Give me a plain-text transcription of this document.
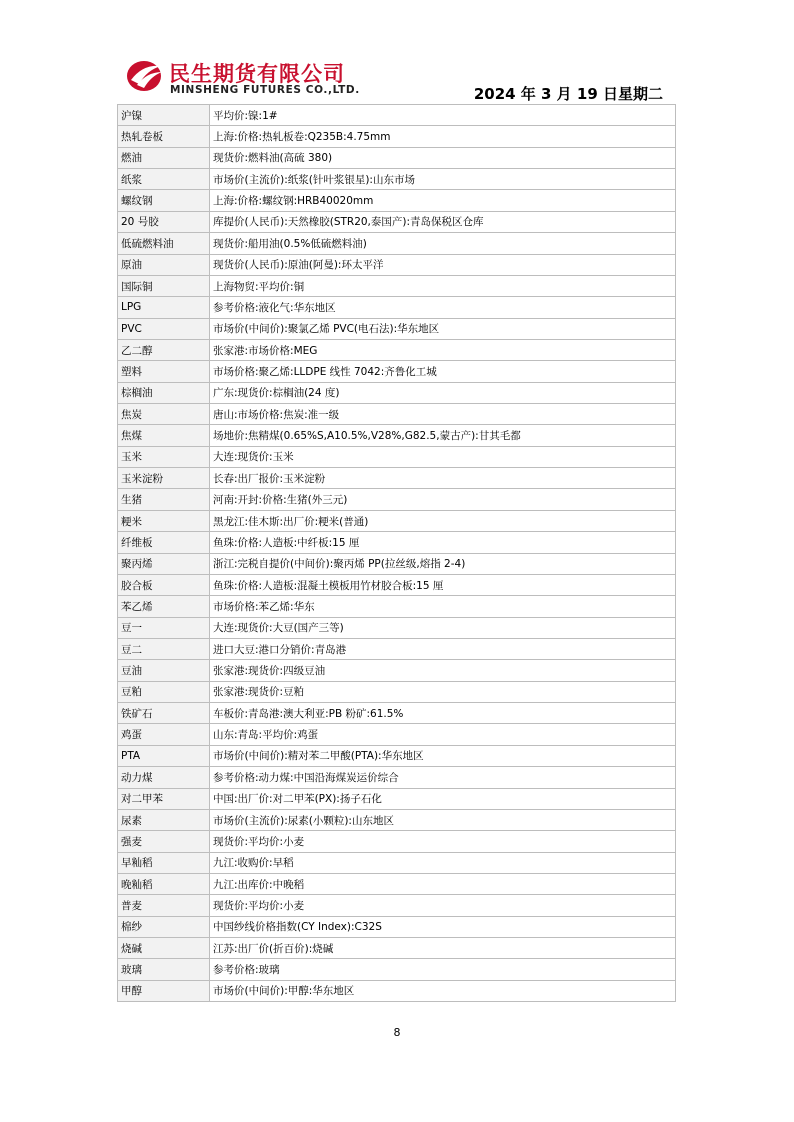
民生期货有限公司
MINSHENG FUTURES CO.,LTD.	2024 年 3 月 19 日星期二
沪镍	平均价:镍:1#
热轧卷板	上海:价格:热轧板卷:Q235B:4.75mm
燃油	现货价:燃料油(高硫 380)
纸浆	市场价(主流价):纸浆(针叶浆银星):山东市场
螺纹钢	上海:价格:螺纹钢:HRB40020mm
20 号胶	库提价(人民币):天然橡胶(STR20,泰国产):青岛保税区仓库
低硫燃料油	现货价:船用油(0.5%低硫燃料油)
原油	现货价(人民币):原油(阿曼):环太平洋
国际铜	上海物贸:平均价:铜
LPG	参考价格:液化气:华东地区
PVC	市场价(中间价):聚氯乙烯 PVC(电石法):华东地区
乙二醇	张家港:市场价格:MEG
塑料	市场价格:聚乙烯:LLDPE 线性 7042:齐鲁化工城
棕榈油	广东:现货价:棕榈油(24 度)
焦炭	唐山:市场价格:焦炭:准一级
焦煤	场地价:焦精煤(0.65%S,A10.5%,V28%,G82.5,蒙古产):甘其毛都
玉米	大连:现货价:玉米
玉米淀粉	长春:出厂报价:玉米淀粉
生猪	河南:开封:价格:生猪(外三元)
粳米	黑龙江:佳木斯:出厂价:粳米(普通)
纤维板	鱼珠:价格:人造板:中纤板:15 厘
聚丙烯	浙江:完税自提价(中间价):聚丙烯 PP(拉丝级,熔指 2-4)
胶合板	鱼珠:价格:人造板:混凝土模板用竹材胶合板:15 厘
苯乙烯	市场价格:苯乙烯:华东
豆一	大连:现货价:大豆(国产三等)
豆二	进口大豆:港口分销价:青岛港
豆油	张家港:现货价:四级豆油
豆粕	张家港:现货价:豆粕
铁矿石	车板价:青岛港:澳大利亚:PB 粉矿:61.5%
鸡蛋	山东:青岛:平均价:鸡蛋
PTA	市场价(中间价):精对苯二甲酸(PTA):华东地区
动力煤	参考价格:动力煤:中国沿海煤炭运价综合
对二甲苯	中国:出厂价:对二甲苯(PX):扬子石化
尿素	市场价(主流价):尿素(小颗粒):山东地区
强麦	现货价:平均价:小麦
早籼稻	九江:收购价:早稻
晚籼稻	九江:出库价:中晚稻
普麦	现货价:平均价:小麦
棉纱	中国纱线价格指数(CY Index):C32S
烧碱	江苏:出厂价(折百价):烧碱
玻璃	参考价格:玻璃
甲醇	市场价(中间价):甲醇:华东地区
8
